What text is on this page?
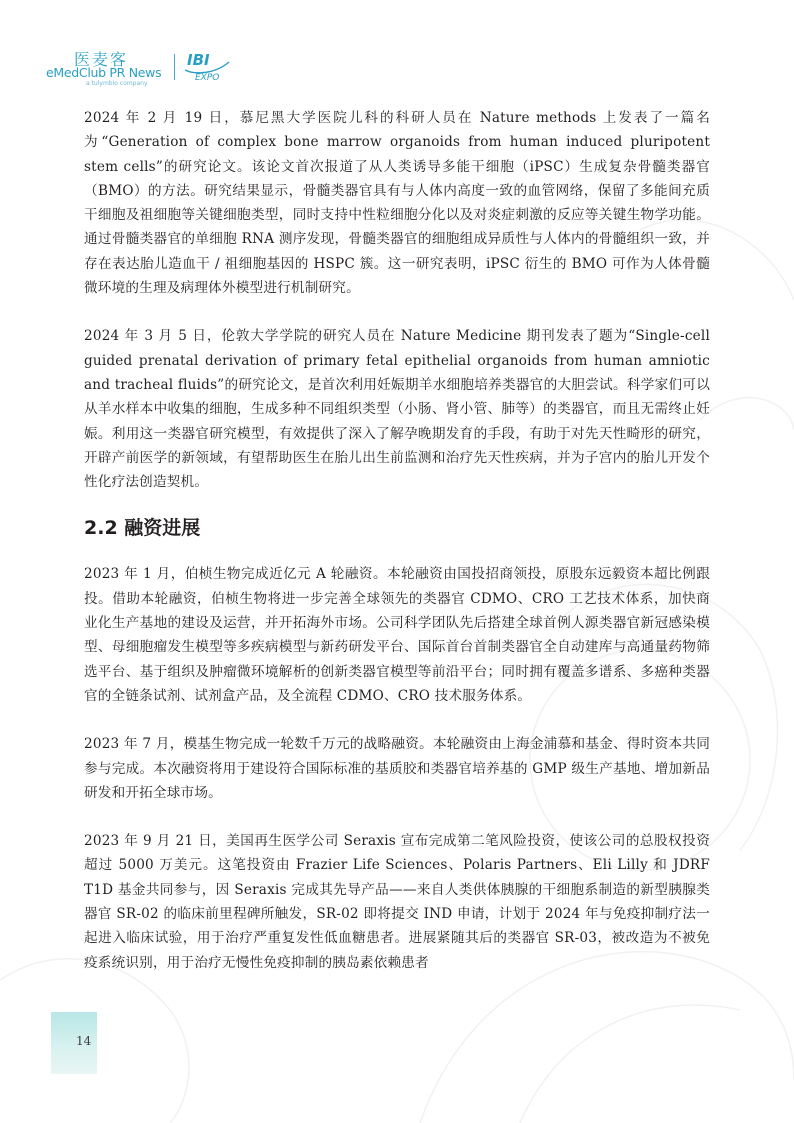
医麦客
eMedClub PR News
a tulymbio company
IBI
EXPO

2024 年 2 月 19 日，慕尼黑大学医院儿科的科研人员在 Nature methods 上发表了一篇名为“Generation of complex bone marrow organoids from human induced pluripotent stem cells”的研究论文。该论文首次报道了从人类诱导多能干细胞（iPSC）生成复杂骨髓类器官（BMO）的方法。研究结果显示，骨髓类器官具有与人体内高度一致的血管网络，保留了多能间充质干细胞及祖细胞等关键细胞类型，同时支持中性粒细胞分化以及对炎症刺激的反应等关键生物学功能。通过骨髓类器官的单细胞 RNA 测序发现，骨髓类器官的细胞组成异质性与人体内的骨髓组织一致，并存在表达胎儿造血干 / 祖细胞基因的 HSPC 簇。这一研究表明，iPSC 衍生的 BMO 可作为人体骨髓微环境的生理及病理体外模型进行机制研究。

2024 年 3 月 5 日，伦敦大学学院的研究人员在 Nature Medicine 期刊发表了题为“Single-cell guided prenatal derivation of primary fetal epithelial organoids from human amniotic and tracheal fluids”的研究论文，是首次利用妊娠期羊水细胞培养类器官的大胆尝试。科学家们可以从羊水样本中收集的细胞，生成多种不同组织类型（小肠、肾小管、肺等）的类器官，而且无需终止妊娠。利用这一类器官研究模型，有效提供了深入了解孕晚期发育的手段，有助于对先天性畸形的研究，开辟产前医学的新领域，有望帮助医生在胎儿出生前监测和治疗先天性疾病，并为子宫内的胎儿开发个性化疗法创造契机。

2.2 融资进展

2023 年 1 月，伯桢生物完成近亿元 A 轮融资。本轮融资由国投招商领投，原股东远毅资本超比例跟投。借助本轮融资，伯桢生物将进一步完善全球领先的类器官 CDMO、CRO 工艺技术体系，加快商业化生产基地的建设及运营，并开拓海外市场。公司科学团队先后搭建全球首例人源类器官新冠感染模型、母细胞瘤发生模型等多疾病模型与新药研发平台、国际首台首制类器官全自动建库与高通量药物筛选平台、基于组织及肿瘤微环境解析的创新类器官模型等前沿平台；同时拥有覆盖多谱系、多癌种类器官的全链条试剂、试剂盒产品，及全流程 CDMO、CRO 技术服务体系。

2023 年 7 月，模基生物完成一轮数千万元的战略融资。本轮融资由上海金浦慕和基金、得时资本共同参与完成。本次融资将用于建设符合国际标准的基质胶和类器官培养基的 GMP 级生产基地、增加新品研发和开拓全球市场。

2023 年 9 月 21 日，美国再生医学公司 Seraxis 宣布完成第二笔风险投资，使该公司的总股权投资超过 5000 万美元。这笔投资由 Frazier Life Sciences、Polaris Partners、Eli Lilly 和 JDRF T1D 基金共同参与，因 Seraxis 完成其先导产品——来自人类供体胰腺的干细胞系制造的新型胰腺类器官 SR-02 的临床前里程碑所触发，SR-02 即将提交 IND 申请，计划于 2024 年与免疫抑制疗法一起进入临床试验，用于治疗严重复发性低血糖患者。进展紧随其后的类器官 SR-03，被改造为不被免疫系统识别，用于治疗无慢性免疫抑制的胰岛素依赖患者

14
